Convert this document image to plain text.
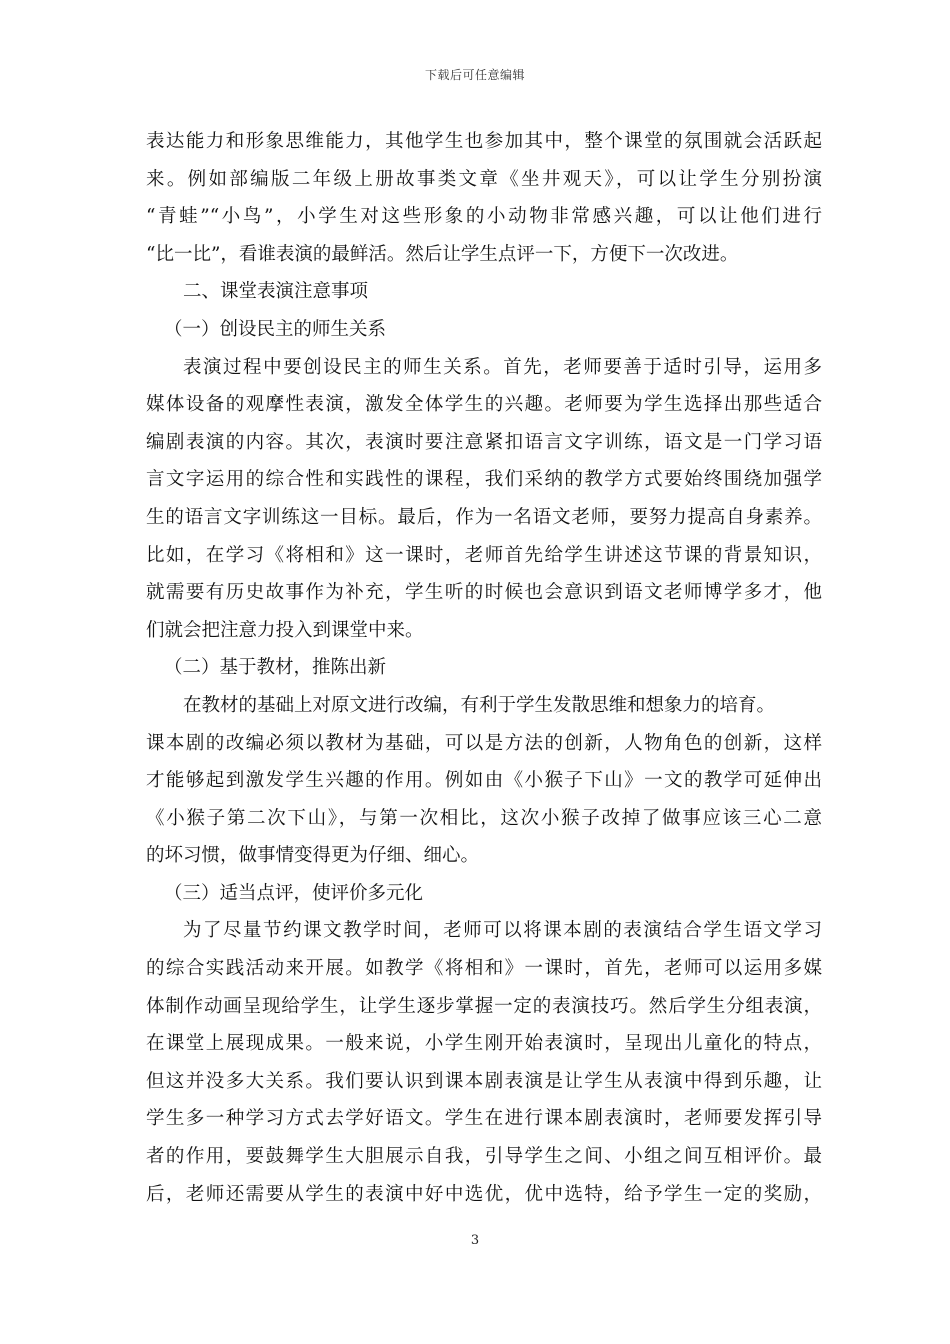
下载后可任意编辑
表达能力和形象思维能力，其他学生也参加其中，整个课堂的氛围就会活跃起
来。例如部编版二年级上册故事类文章《坐井观天》，可以让学生分别扮演
“青蛙”“小鸟”，小学生对这些形象的小动物非常感兴趣，可以让他们进行
“比一比”，看谁表演的最鲜活。然后让学生点评一下，方便下一次改进。
二、课堂表演注意事项
（一）创设民主的师生关系
表演过程中要创设民主的师生关系。首先，老师要善于适时引导，运用多
媒体设备的观摩性表演，激发全体学生的兴趣。老师要为学生选择出那些适合
编剧表演的内容。其次，表演时要注意紧扣语言文字训练，语文是一门学习语
言文字运用的综合性和实践性的课程，我们采纳的教学方式要始终围绕加强学
生的语言文字训练这一目标。最后，作为一名语文老师，要努力提高自身素养。
比如，在学习《将相和》这一课时，老师首先给学生讲述这节课的背景知识，
就需要有历史故事作为补充，学生听的时候也会意识到语文老师博学多才，他
们就会把注意力投入到课堂中来。
（二）基于教材，推陈出新
在教材的基础上对原文进行改编，有利于学生发散思维和想象力的培育。
课本剧的改编必须以教材为基础，可以是方法的创新，人物角色的创新，这样
才能够起到激发学生兴趣的作用。例如由《小猴子下山》一文的教学可延伸出
《小猴子第二次下山》，与第一次相比，这次小猴子改掉了做事应该三心二意
的坏习惯，做事情变得更为仔细、细心。
（三）适当点评，使评价多元化
为了尽量节约课文教学时间，老师可以将课本剧的表演结合学生语文学习
的综合实践活动来开展。如教学《将相和》一课时，首先，老师可以运用多媒
体制作动画呈现给学生，让学生逐步掌握一定的表演技巧。然后学生分组表演，
在课堂上展现成果。一般来说，小学生刚开始表演时，呈现出儿童化的特点，
但这并没多大关系。我们要认识到课本剧表演是让学生从表演中得到乐趣，让
学生多一种学习方式去学好语文。学生在进行课本剧表演时，老师要发挥引导
者的作用，要鼓舞学生大胆展示自我，引导学生之间、小组之间互相评价。最
后，老师还需要从学生的表演中好中选优，优中选特，给予学生一定的奖励，
3
